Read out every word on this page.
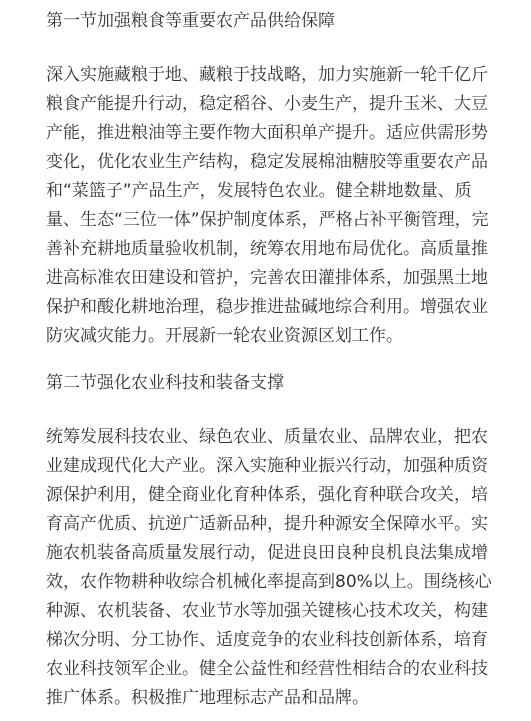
第一节加强粮食等重要农产品供给保障
深入实施藏粮于地、藏粮于技战略，加力实施新一轮千亿斤
粮食产能提升行动，稳定稻谷、小麦生产，提升玉米、大豆
产能，推进粮油等主要作物大面积单产提升。适应供需形势
变化，优化农业生产结构，稳定发展棉油糖胶等重要农产品
和“菜篮子”产品生产，发展特色农业。健全耕地数量、质
量、生态“三位一体”保护制度体系，严格占补平衡管理，完
善补充耕地质量验收机制，统筹农用地布局优化。高质量推
进高标准农田建设和管护，完善农田灌排体系，加强黑土地
保护和酸化耕地治理，稳步推进盐碱地综合利用。增强农业
防灾减灾能力。开展新一轮农业资源区划工作。
第二节强化农业科技和装备支撑
统筹发展科技农业、绿色农业、质量农业、品牌农业，把农
业建成现代化大产业。深入实施种业振兴行动，加强种质资
源保护利用，健全商业化育种体系，强化育种联合攻关，培
育高产优质、抗逆广适新品种，提升种源安全保障水平。实
施农机装备高质量发展行动，促进良田良种良机良法集成增
效，农作物耕种收综合机械化率提高到80%以上。围绕核心
种源、农机装备、农业节水等加强关键核心技术攻关，构建
梯次分明、分工协作、适度竞争的农业科技创新体系，培育
农业科技领军企业。健全公益性和经营性相结合的农业科技
推广体系。积极推广地理标志产品和品牌。
